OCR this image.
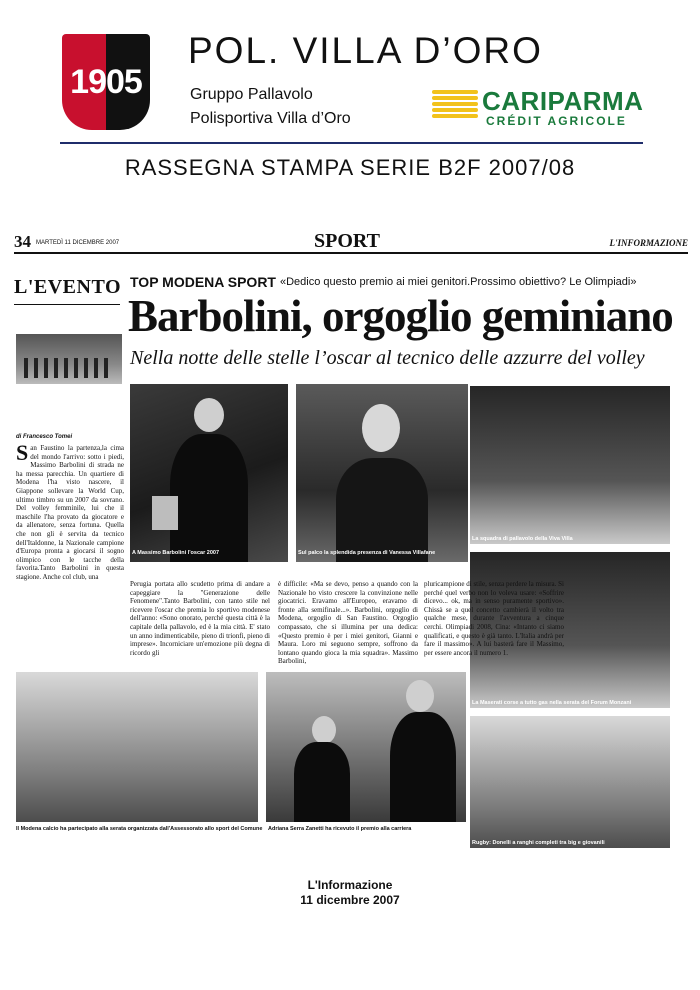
1905
POL. VILLA D’ORO
Gruppo Pallavolo
Polisportiva Villa d’Oro
CARIPARMA
CRÉDIT AGRICOLE
RASSEGNA STAMPA SERIE B2F 2007/08
34 MARTEDÌ 11 DICEMBRE 2007	SPORT	L'INFORMAZIONE
L'EVENTO TOP MODENA SPORT «Dedico questo premio ai miei genitori.Prossimo obiettivo? Le Olimpiadi»
Barbolini, orgoglio geminiano
Nella notte delle stelle l’oscar al tecnico delle azzurre del volley
A Massimo Barbolini l'oscar 2007	Sul palco la splendida presenza di Vanessa Villafane
La squadra di pallavolo della Viva Villa
La Maserati corse a tutto gas nella serata del Forum Monzani
Rugby: Donelli a ranghi completi tra big e giovanili
Il Modena calcio ha partecipato alla serata organizzata dall'Assessorato allo sport del Comune Adriana Serra Zanetti ha ricevuto il premio alla carriera
di Francesco Tomei
San Faustino la partenza,la cima del mondo l'arrivo: sotto i piedi, Massimo Barbolini di strada ne ha messa parecchia. Un quartiere di Modena l'ha visto nascere, il Giappone sollevare la World Cup, ultimo timbro su un 2007 da sovrano. Del volley femminile, lui che il maschile l'ha provato da giocatore e da allenatore, senza fortuna. Quella che non gli è servita da tecnico dell'Italdonne, la Nazionale campione d'Europa pronta a giocarsi il sogno olimpico con le tacche della favorita.Tanto Barbolini in questa stagione. Anche col club, una
Perugia portata allo scudetto prima di andare a capeggiare la "Generazione delle Fenomene".Tanto Barbolini, con tanto stile nel ricevere l'oscar che premia lo sportivo modenese dell'anno: «Sono onorato, perché questa città è la capitale della pallavolo, ed è la mia città. E' stato un anno indimenticabile, pieno di trionfi, pieno di imprese». Incorniciare un'emozione più degna di ricordo gli
è difficile: «Ma se devo, penso a quando con la Nazionale ho visto crescere la convinzione nelle giocatrici. Eravamo all'Europeo, eravamo di fronte alla semifinale...». Barbolini, orgoglio di Modena, orgoglio di San Faustino. Orgoglio compassato, che si illumina per una dedica: «Questo premio è per i miei genitori, Gianni e Maura. Loro mi seguono sempre, soffrono da lontano quando gioca la mia squadra». Massimo Barbolini,
pluricampione di stile, senza perdere la misura. Si perché quel verbo non lo voleva usare: «Soffrire dicevo... ok, ma in senso puramente sportivo». Chissà se a quel concetto cambierà il volto tra qualche mese, durante l'avventura a cinque cerchi. Olimpiadi 2008, Cina: «Intanto ci siamo qualificati, e questo è già tanto. L'Italia andrà per fare il massimo». A lui basterà fare il Massimo, per essere ancora il numero 1.
L'Informazione
11 dicembre 2007
